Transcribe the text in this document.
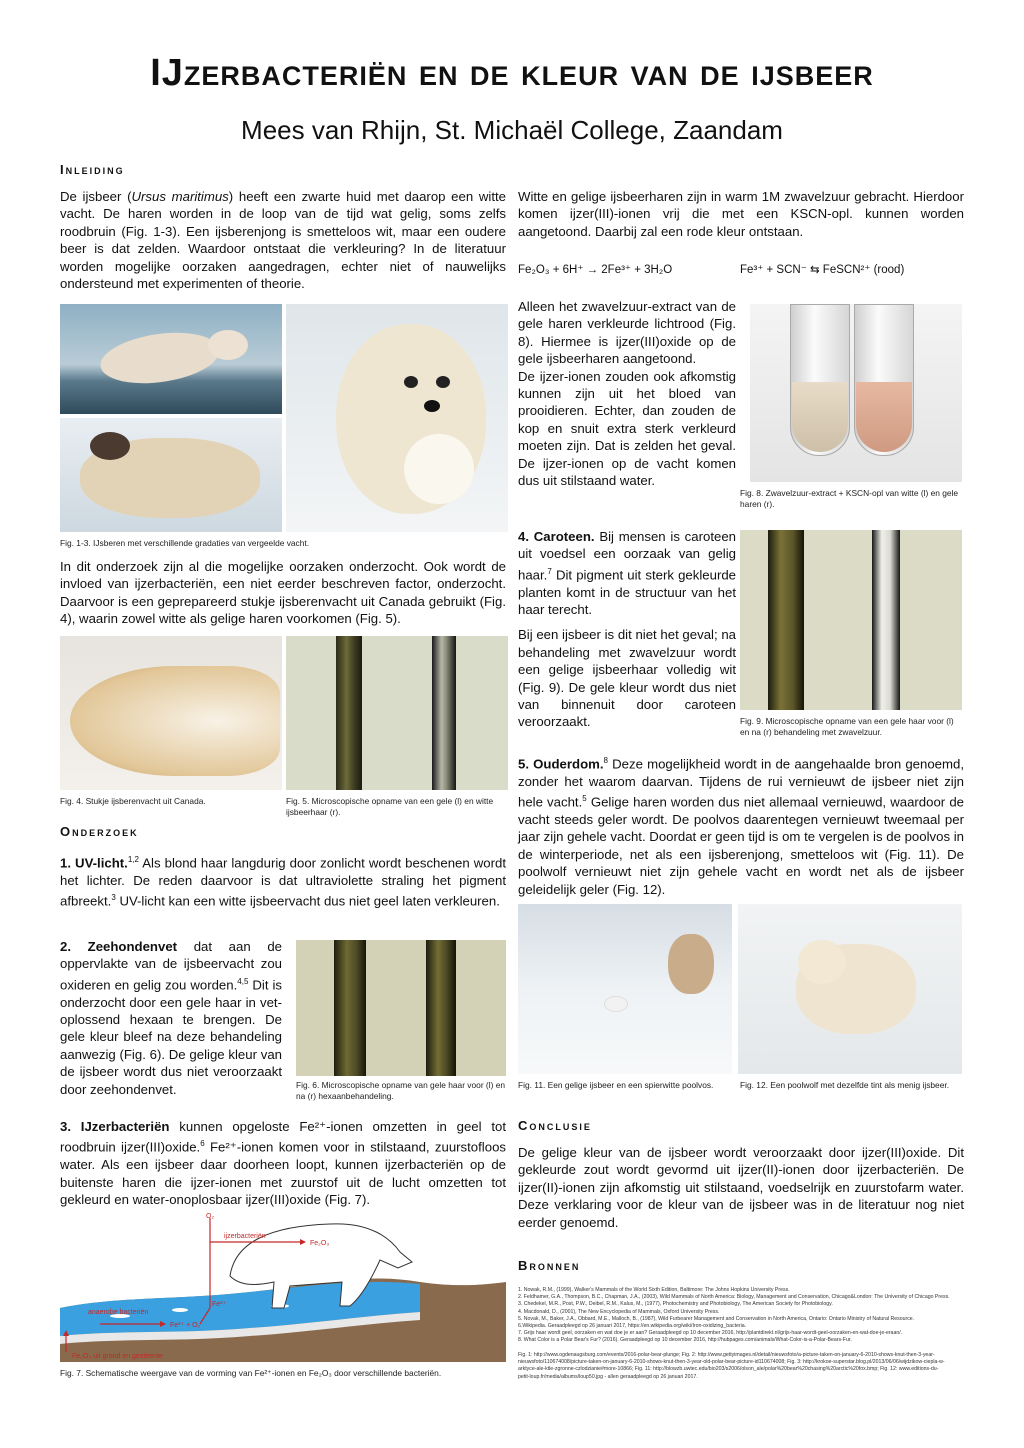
IJzerbacteriën en de kleur van de ijsbeer
Mees van Rhijn, St. Michaël College, Zaandam
Inleiding
De ijsbeer (Ursus maritimus) heeft een zwarte huid met daarop een witte vacht. De haren worden in de loop van de tijd wat gelig, soms zelfs roodbruin (Fig. 1-3). Een ijsberenjong is smetteloos wit, maar een oudere beer is dat zelden. Waardoor ontstaat die verkleuring? In de literatuur worden mogelijke oorzaken aangedragen, echter niet of nauwelijks ondersteund met experimenten of theorie.
Fig. 1-3. IJsberen met verschillende gradaties van vergeelde vacht.
In dit onderzoek zijn al die mogelijke oorzaken onderzocht. Ook wordt de invloed van ijzerbacteriën, een niet eerder beschreven factor, onderzocht. Daarvoor is een geprepareerd stukje ijsberenvacht uit Canada gebruikt (Fig. 4), waarin zowel witte als gelige haren voorkomen (Fig. 5).
Fig. 4. Stukje ijsberenvacht uit Canada.	Fig. 5. Microscopische opname van een gele (l) en witte ijsbeerhaar (r).
Onderzoek
1. UV-licht.$^{1,2}$ Als blond haar langdurig door zonlicht wordt beschenen wordt het lichter. De reden daarvoor is dat ultraviolette straling het pigment afbreekt.$^3$ UV-licht kan een witte ijsbeervacht dus niet geel laten verkleuren.
2. Zeehondenvet dat aan de oppervlakte van de ijsbeervacht zou oxideren en gelig zou worden.$^{4,5}$ Dit is onderzocht door een gele haar in vet-oplossend hexaan te brengen. De gele kleur bleef na deze behandeling aanwezig (Fig. 6). De gelige kleur van de ijsbeer wordt dus niet veroorzaakt door zeehondenvet.	Fig. 6. Microscopische opname van gele haar voor (l) en na (r) hexaanbehandeling.
3. IJzerbacteriën kunnen opgeloste Fe²⁺-ionen omzetten in geel tot roodbruin ijzer(III)oxide.$^6$ Fe²⁺-ionen komen voor in stilstaand, zuurstofloos water. Als een ijsbeer daar doorheen loopt, kunnen ijzerbacteriën op de buitenste haren die ijzer-ionen met zuurstof uit de lucht omzetten tot gekleurd en water-onoplosbaar ijzer(III)oxide (Fig. 7).
O₂
ijzerbacteriën
Fe₂O₃
anaerobe bacteriën
Fe²⁺ + O₂
Fe²⁺
Fe₂O₃ uit grond en gesteente
Fig. 7. Schematische weergave van de vorming van Fe²⁺-ionen en Fe₂O₃ door verschillende bacteriën.
Witte en gelige ijsbeerharen zijn in warm 1M zwavelzuur gebracht. Hierdoor komen ijzer(III)-ionen vrij die met een KSCN-opl. kunnen worden aangetoond. Daarbij zal een rode kleur ontstaan.
Fe₂O₃ + 6H⁺ → 2Fe³⁺ + 3H₂O	Fe³⁺ + SCN⁻ ⇆ FeSCN²⁺ (rood)

Alleen het zwavelzuur-extract van de gele haren verkleurde lichtrood (Fig. 8). Hiermee is ijzer(III)oxide op de gele ijsbeerharen aangetoond.

De ijzer-ionen zouden ook afkomstig kunnen zijn uit het bloed van prooidieren. Echter, dan zouden de kop en snuit extra sterk verkleurd moeten zijn. Dat is zelden het geval. De ijzer-ionen op de vacht komen dus uit stilstaand water.

Fig. 8. Zwavelzuur-extract + KSCN-opl van witte (l) en gele haren (r).

4. Caroteen. Bij mensen is caroteen uit voedsel een oorzaak van gelig haar.$^7$ Dit pigment uit sterk gekleurde planten komt in de structuur van het haar terecht.

Bij een ijsbeer is dit niet het geval; na behandeling met zwavelzuur wordt een gelige ijsbeerhaar volledig wit (Fig. 9). De gele kleur wordt dus niet van binnenuit door caroteen veroorzaakt.	Fig. 9. Microscopische opname van een gele haar voor (l) en na (r) behandeling met zwavelzuur.
5. Ouderdom.$^8$ Deze mogelijkheid wordt in de aangehaalde bron genoemd, zonder het waarom daarvan. Tijdens de rui vernieuwt de ijsbeer niet zijn hele vacht.$^5$ Gelige haren worden dus niet allemaal vernieuwd, waardoor de vacht steeds geler wordt. De poolvos daarentegen vernieuwt tweemaal per jaar zijn gehele vacht. Doordat er geen tijd is om te vergelen is de poolvos in de winterperiode, net als een ijsberenjong, smetteloos wit (Fig. 11). De poolwolf vernieuwt niet zijn gehele vacht en wordt net als de ijsbeer geleidelijk geler (Fig. 12).
Fig. 11. Een gelige ijsbeer en een spierwitte poolvos.	Fig. 12. Een poolwolf met dezelfde tint als menig ijsbeer.
Conclusie
De gelige kleur van de ijsbeer wordt veroorzaakt door ijzer(III)oxide. Dit gekleurde zout wordt gevormd uit ijzer(II)-ionen door ijzerbacteriën. De ijzer(II)-ionen zijn afkomstig uit stilstaand, voedselrijk en zuurstofarm water. Deze verklaring voor de kleur van de ijsbeer was in de literatuur nog niet eerder genoemd.
Bronnen
1. Nowak, R.M., (1999), Walker's Mammals of the World Sixth Edition, Baltimore: The Johns Hopkins University Press.
2. Feldhamer, G.A., Thompson, B.C., Chapman, J.A., (2003), Wild Mammals of North America: Biology, Management and Conservation, Chicago&London: The University of Chicago Press.
3. Chedekel, M.R., Post, P.W., Deibel, R.M., Kalus, M., (1977), Photochemistry and Photobiology, The American Society for Photobiology.
4. Macdonald, D., (2001), The New Encyclopedia of Mammals, Oxford University Press.
5. Novak, M., Baker, J.A., Obbard, M.E., Malloch, B., (1987), Wild Furbearer Management and Conservation in North America, Ontario: Ontario Ministry of Natural Resource.
6.Wikipedia. Geraadpleegd op 26 januari 2017, https://en.wikipedia.org/wiki/Iron-oxidizing_bacteria.
7. Grijs haar wordt geel, oorzaken en wat doe je er aan? Geraadpleegd op 10 december 2016, http://plantdirekt.nl/grijs-haar-wordt-geel-oorzaken-en-wat-doe-je-eraan/.
8. What Color is a Polar Bear's Fur? (2016). Geraadpleegd op 10 december 2016, http://hubpages.com/animals/What-Color-is-a-Polar-Bears-Fur.
Fig. 1: http://www.ogdenaugsburg.com/events/2016-polar-bear-plunge; Fig. 2: http://www.gettyimages.nl/detail/nieuwsfoto/a-picture-taken-on-january-6-2010-shows-knut-then-3-year-
nieuwsfoto/110674008/picture-taken-on-january-6-2010-shows-knut-then-3-year-old-polar-bear-picture-id110674008; Fig. 3: http://krokoe-superstar.blog.pl/2013/06/06/wijdzikow-ciepla-w-
arktyce-ale-ktle-zgronne-czlodzianie#more-10866; Fig. 11: http://blowzb.uwtec.edu/bio203/s2006/olson_ale/polar%20bear%20chasing%20arctic%20fox.bmp; Fig. 12: www.editions-du-
petit-loup.fr/media/albums/loup50.jpg - allen geraadpleegd op 26 januari 2017.
